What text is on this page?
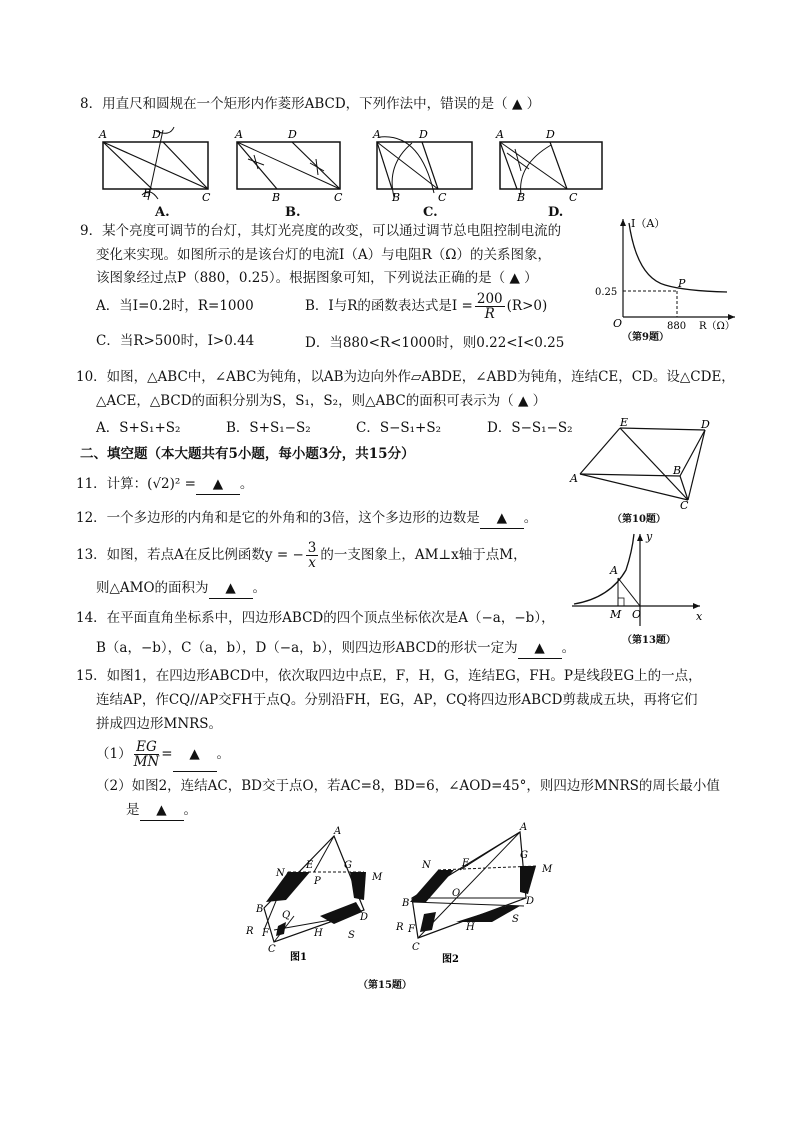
8．用直尺和圆规在一个矩形内作菱形ABCD，下列作法中，错误的是（ ▲ ）
A	D
B	C
A.
A	D
B	C
B.
A	D
B	C
C.
A	D
B	C
D.
9．某个亮度可调节的台灯，其灯光亮度的改变，可以通过调节总电阻控制电流的
变化来实现。如图所示的是该台灯的电流I（A）与电阻R（Ω）的关系图象，
该图象经过点P（880，0.25）。根据图象可知，下列说法正确的是（ ▲ ）
A．当I=0.2时，R=1000	B．I与R的函数表达式是$I = \frac{200}{R} (R>0)$
C．当R>500时，I>0.44	D．当880<R<1000时，则0.22<I<0.25
I（A）
O
0.25
880 R（Ω）
P
（第9题）
10．如图，△ABC中，∠ABC为钝角，以AB为边向外作▱ABDE，∠ABD为钝角，连结CE，CD。设△CDE，
△ACE，△BCD的面积分别为S，S₁，S₂，则△ABC的面积可表示为（ ▲ ）
A．S+S₁+S₂	B．S+S₁−S₂	C．S−S₁+S₂	D．S−S₁−S₂	E	D
A
B
C
（第10题）
二、填空题（本大题共有5小题，每小题3分，共15分）
11．计算：(√2)² = ▲ 。
12．一个多边形的内角和是它的外角和的3倍，这个多边形的边数是 ▲ 。
13．如图，若点A在反比例函数y = − $\frac{3}{x}$ 的一支图象上，AM⊥x轴于点M，
则△AMO的面积为 ▲ 。
y
x
A
M O
（第13题）
14．在平面直角坐标系中，四边形ABCD的四个顶点坐标依次是A（−a，−b），
B（a，−b），C（a，b），D（−a，b），则四边形ABCD的形状一定为 ▲ 。
15．如图1，在四边形ABCD中，依次取四边中点E，F，H，G，连结EG，FH。P是线段EG上的一点，
连结AP，作CQ//AP交FH于点Q。分别沿FH，EG，AP，CQ将四边形ABCD剪裁成五块，再将它们
拼成四边形MNRS。
$(1) \frac{EG}{MN}$ = ▲ 。
（2）如图2，连结AC，BD交于点O，若AC=8，BD=6，∠AOD=45°，则四边形MNRS的周长最小值
是 ▲ 。
A
N
E	G
M
P
B
Q	D
R F	H	S
C
图1
A
N	E
G
M
O
B	D
R F	H
S
C
图2
（第15题）
